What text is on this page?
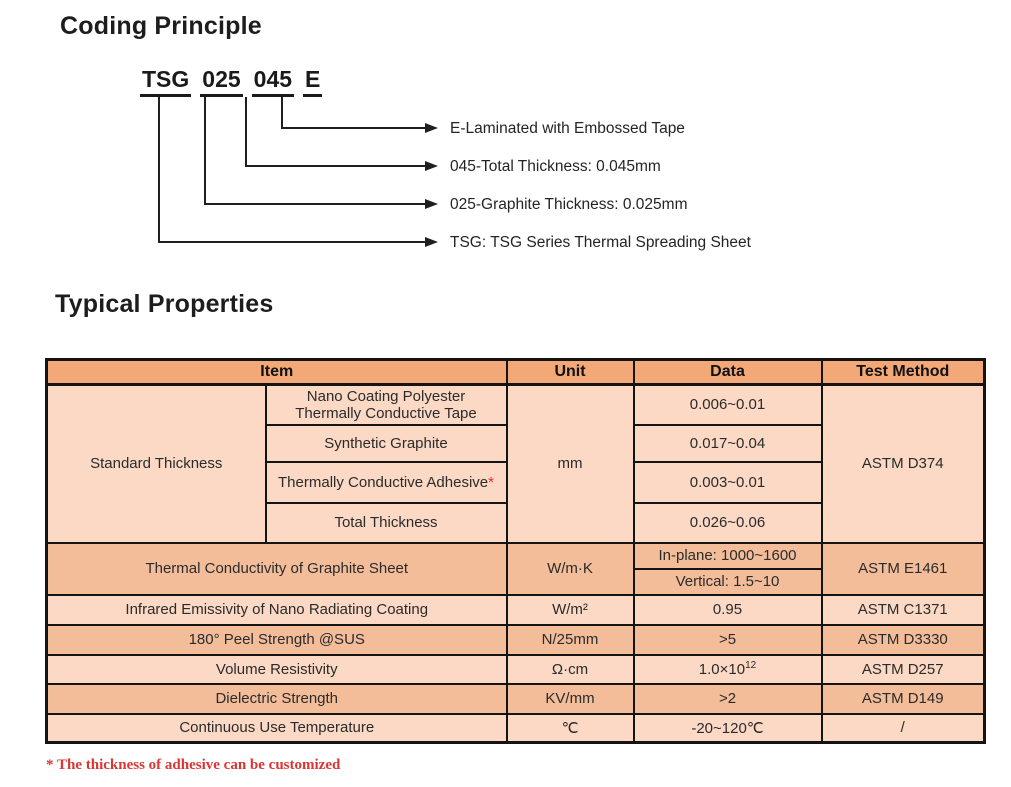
Coding Principle
TSG 025 045 E
E-Laminated with Embossed Tape
045-Total Thickness: 0.045mm
025-Graphite Thickness: 0.025mm
TSG: TSG Series Thermal Spreading Sheet
Typical Properties
Item		Unit	Data	Test Method
Standard Thickness	Nano Coating Polyester Thermally Conductive Tape	mm	0.006~0.01	ASTM D374
	Synthetic Graphite		0.017~0.04	
	Thermally Conductive Adhesive*		0.003~0.01	
	Total Thickness		0.026~0.06	
Thermal Conductivity of Graphite Sheet		W/m·K	In-plane: 1000~1600	ASTM E1461
			Vertical: 1.5~10	
Infrared Emissivity of Nano Radiating Coating		W/m²	0.95	ASTM C1371
180° Peel Strength @SUS		N/25mm	>5	ASTM D3330
Volume Resistivity		Ω·cm	$1.0\times 10^{12}$	ASTM D257
Dielectric Strength		KV/mm	>2	ASTM D149
Continuous Use Temperature		℃	-20~120℃	/
* The thickness of adhesive can be customized
